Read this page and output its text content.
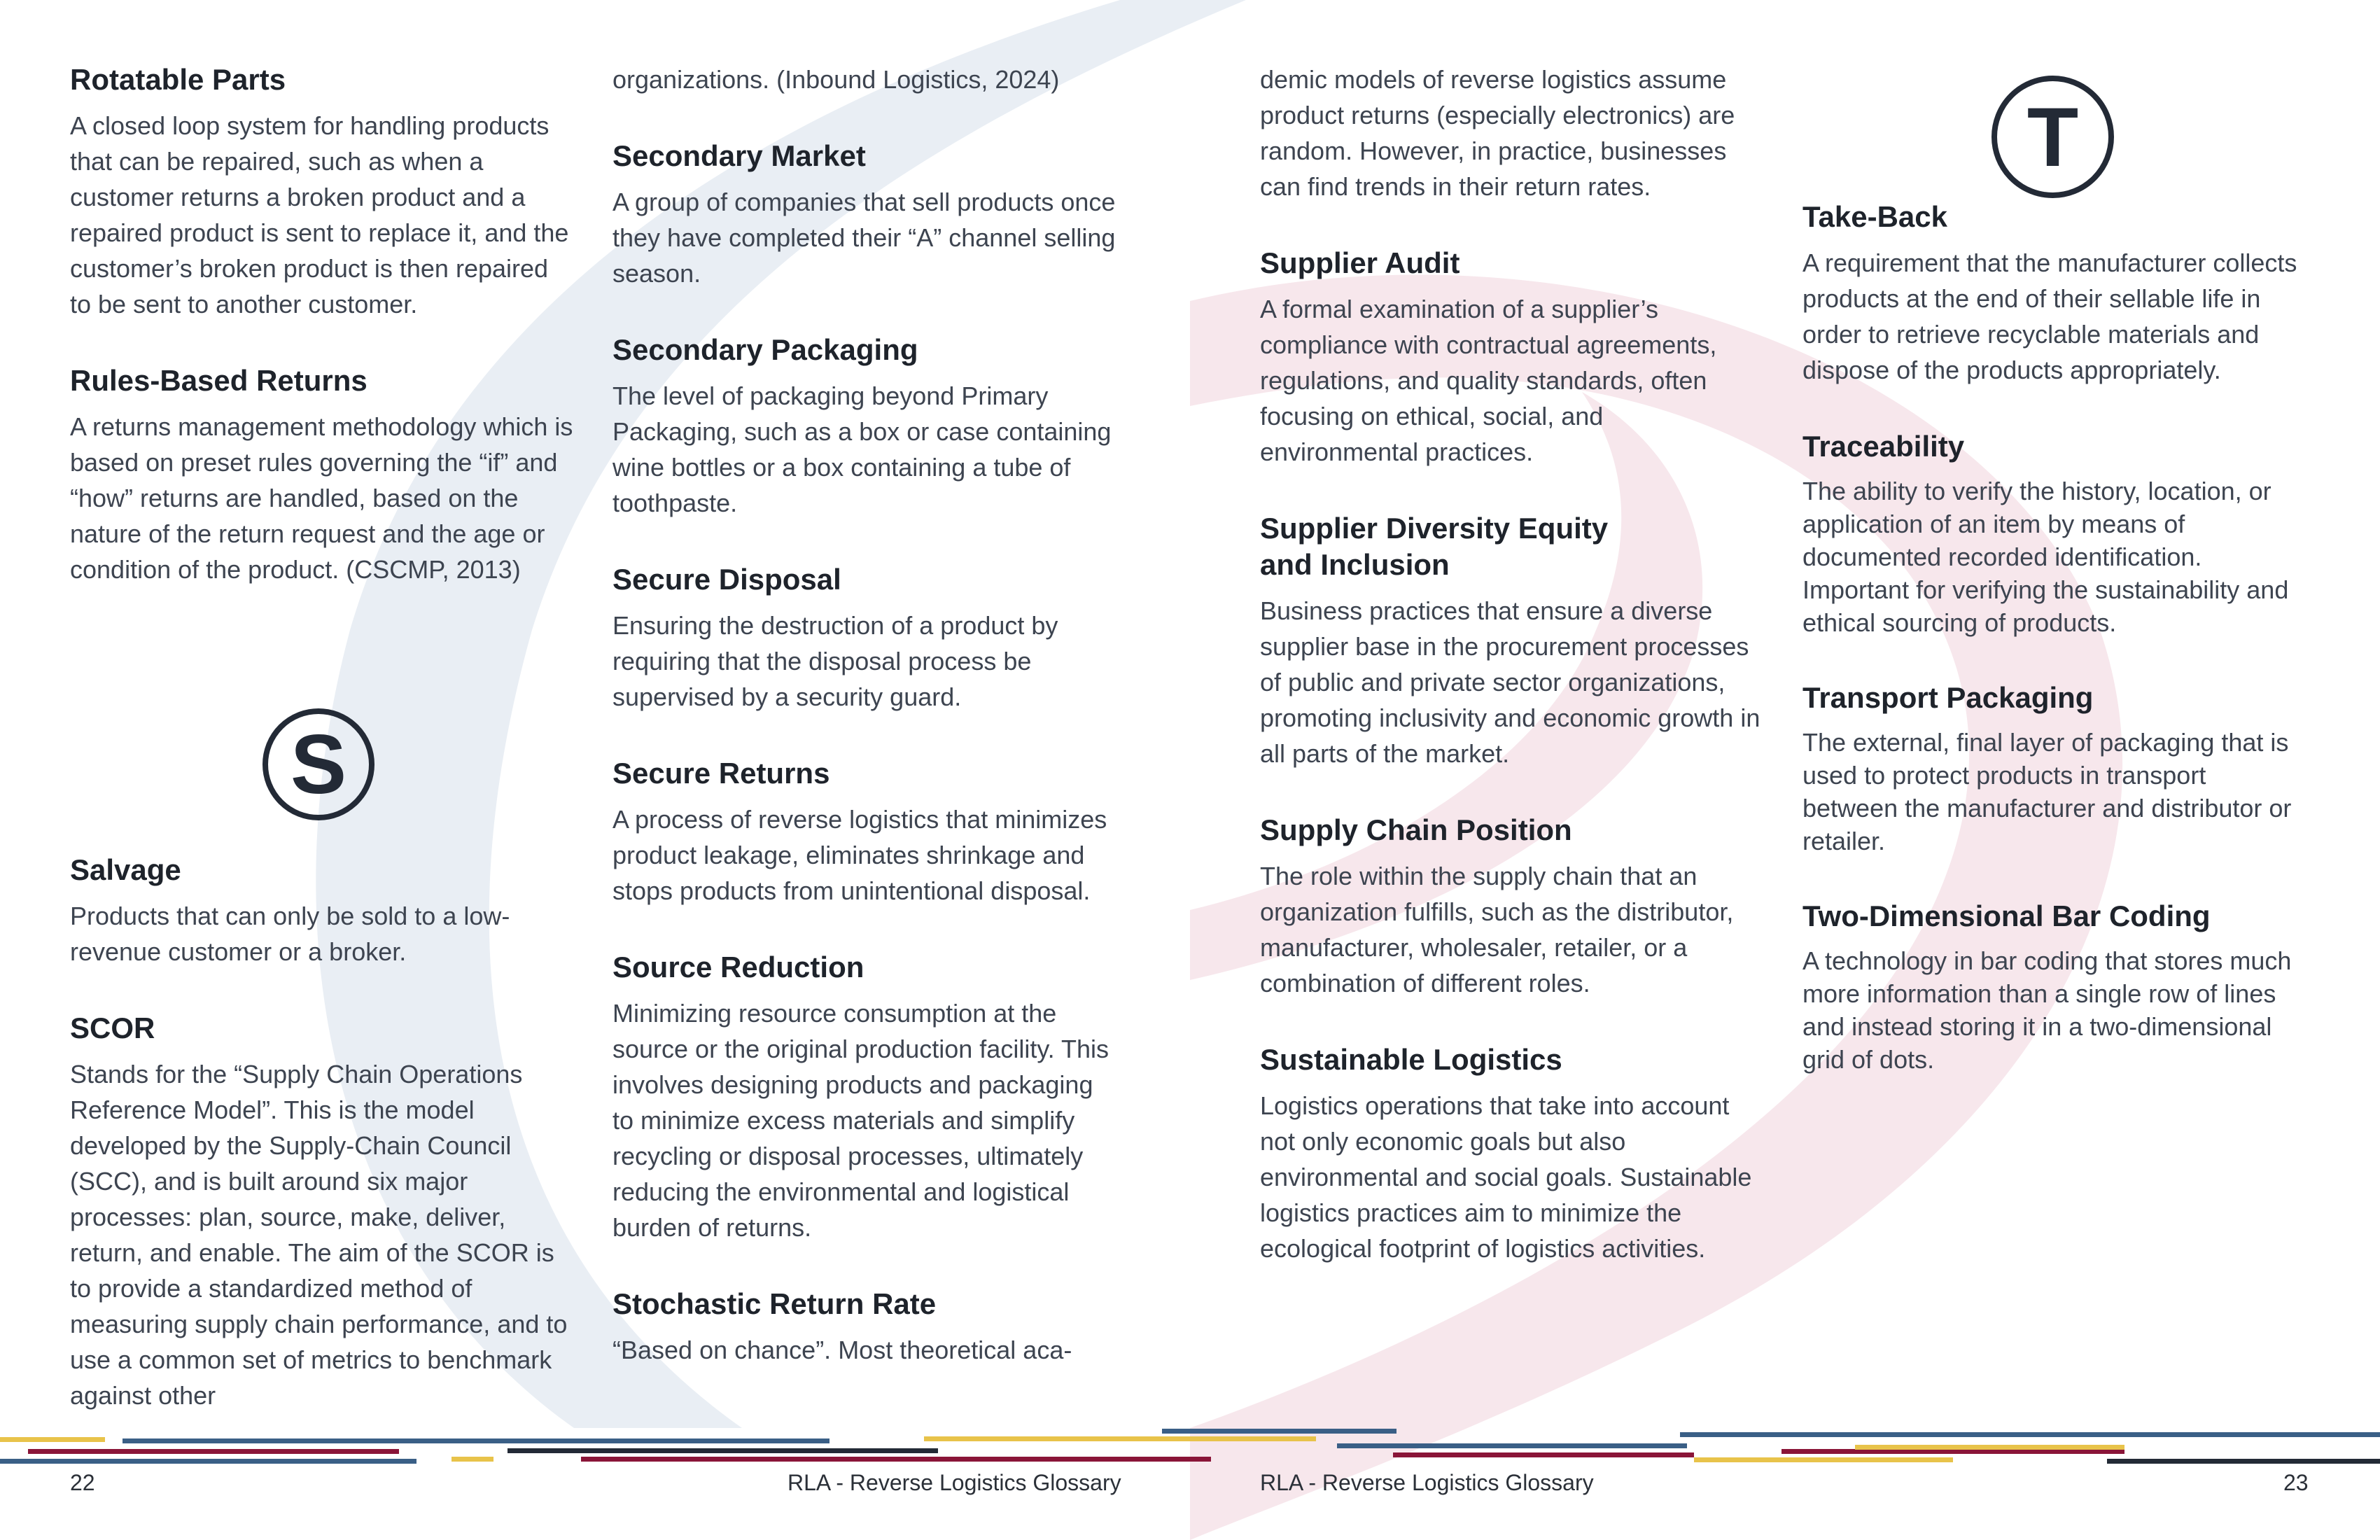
Rotatable Parts
A closed loop system for handling products that can be repaired, such as when a customer returns a broken product and a repaired product is sent to replace it, and the customer’s broken product is then repaired to be sent to another customer.
Rules-Based Returns
A returns management methodology which is based on preset rules governing the “if” and “how” returns are handled, based on the nature of the return request and the age or condition of the product. (CSCMP, 2013)
S
Salvage
Products that can only be sold to a low-revenue customer or a broker.
SCOR
Stands for the “Supply Chain Operations Reference Model”. This is the model developed by the Supply-Chain Council (SCC), and is built around six major processes: plan, source, make, deliver, return, and enable. The aim of the SCOR is to provide a standardized method of measuring supply chain performance, and to use a common set of metrics to benchmark against other
organizations. (Inbound Logistics, 2024)
Secondary Market
A group of companies that sell products once they have completed their “A” channel selling season.
Secondary Packaging
The level of packaging beyond Primary Packaging, such as a box or case containing wine bottles or a box containing a tube of toothpaste.
Secure Disposal
Ensuring the destruction of a product by requiring that the disposal process be supervised by a security guard.
Secure Returns
A process of reverse logistics that minimizes product leakage, eliminates shrinkage and stops products from unintentional disposal.
Source Reduction
Minimizing resource consumption at the source or the original production facility. This involves designing products and packaging to minimize excess materials and simplify recycling or disposal processes, ultimately reducing the environmental and logistical burden of returns.
Stochastic Return Rate
“Based on chance”. Most theoretical aca-
demic models of reverse logistics assume product returns (especially electronics) are random. However, in practice, businesses can find trends in their return rates.
Supplier Audit
A formal examination of a supplier’s compliance with contractual agreements, regulations, and quality standards, often focusing on ethical, social, and environmental practices.
Supplier Diversity Equity and Inclusion
Business practices that ensure a diverse supplier base in the procurement processes of public and private sector organizations, promoting inclusivity and economic growth in all parts of the market.
Supply Chain Position
The role within the supply chain that an organization fulfills, such as the distributor, manufacturer, wholesaler, retailer, or a combination of different roles.
Sustainable Logistics
Logistics operations that take into account not only economic goals but also environmental and social goals. Sustainable logistics practices aim to minimize the ecological footprint of logistics activities.
T
Take-Back
A requirement that the manufacturer collects products at the end of their sellable life in order to retrieve recyclable materials and dispose of the products appropriately.
Traceability
The ability to verify the history, location, or application of an item by means of documented recorded identification. Important for verifying the sustainability and ethical sourcing of products.
Transport Packaging
The external, final layer of packaging that is used to protect products in transport between the manufacturer and distributor or retailer.
Two-Dimensional Bar Coding
A technology in bar coding that stores much more information than a single row of lines and instead storing it in a two-dimensional grid of dots.
22	RLA - Reverse Logistics Glossary	RLA - Reverse Logistics Glossary	23
